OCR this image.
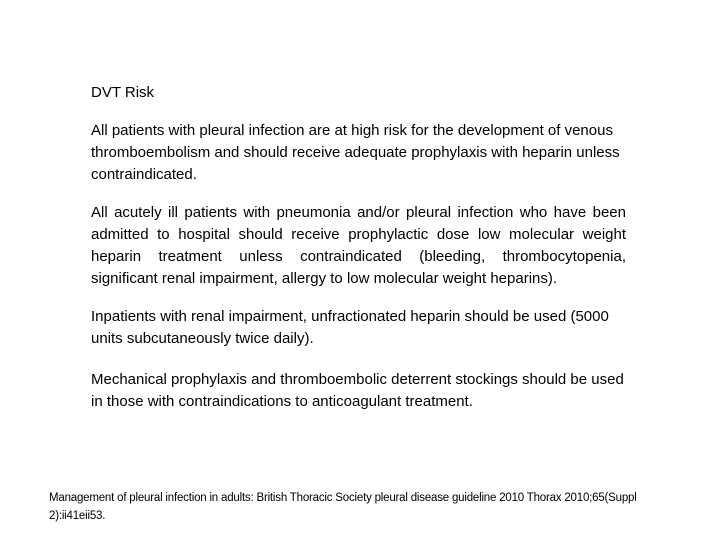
DVT Risk
All patients with pleural infection are at high risk for the development of venous thromboembolism and should receive adequate prophylaxis with heparin unless contraindicated.
All acutely ill patients with pneumonia and/or pleural infection who have been admitted to hospital should receive prophylactic dose low molecular weight heparin treatment unless contraindicated (bleeding, thrombocytopenia, significant renal impairment, allergy to low molecular weight heparins).
Inpatients with renal impairment, unfractionated heparin should be used (5000 units subcutaneously twice daily).
Mechanical prophylaxis and thromboembolic deterrent stockings should be used in those with contraindications to anticoagulant treatment.
Management of pleural infection in adults: British Thoracic Society pleural disease guideline 2010 Thorax 2010;65(Suppl 2):ii41eii53.
